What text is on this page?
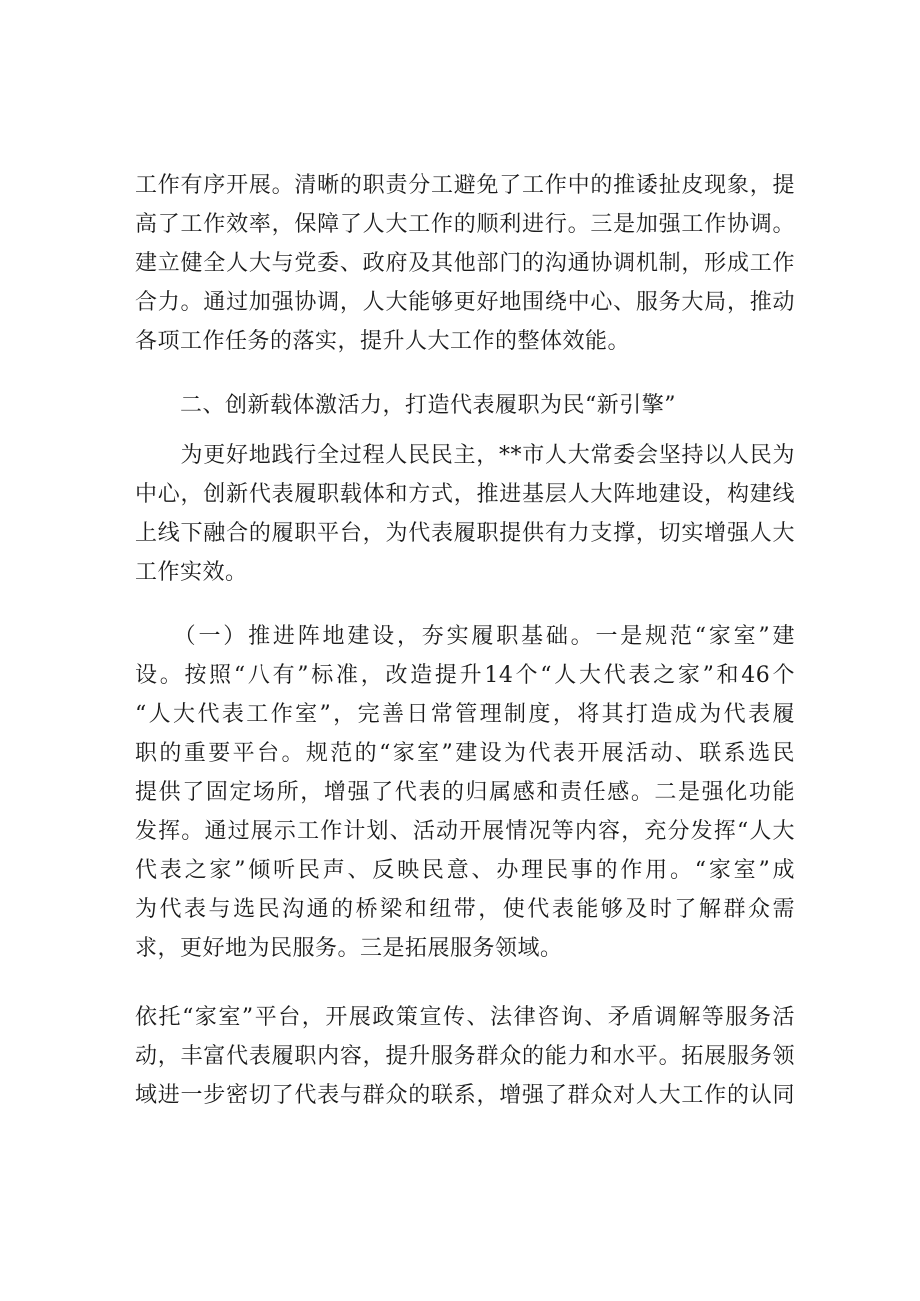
工作有序开展。清晰的职责分工避免了工作中的推诿扯皮现象，提
高了工作效率，保障了人大工作的顺利进行。三是加强工作协调。
建立健全人大与党委、政府及其他部门的沟通协调机制，形成工作
合力。通过加强协调，人大能够更好地围绕中心、服务大局，推动
各项工作任务的落实，提升人大工作的整体效能。
　　二、创新载体激活力，打造代表履职为民“新引擎”
　　为更好地践行全过程人民民主，**市人大常委会坚持以人民为
中心，创新代表履职载体和方式，推进基层人大阵地建设，构建线
上线下融合的履职平台，为代表履职提供有力支撑，切实增强人大
工作实效。
　　（一）推进阵地建设，夯实履职基础。一是规范“家室”建
设。按照“八有”标准，改造提升14个“人大代表之家”和46个
“人大代表工作室”，完善日常管理制度，将其打造成为代表履
职的重要平台。规范的“家室”建设为代表开展活动、联系选民
提供了固定场所，增强了代表的归属感和责任感。二是强化功能
发挥。通过展示工作计划、活动开展情况等内容，充分发挥“人大
代表之家”倾听民声、反映民意、办理民事的作用。“家室”成
为代表与选民沟通的桥梁和纽带，使代表能够及时了解群众需
求，更好地为民服务。三是拓展服务领域。
依托“家室”平台，开展政策宣传、法律咨询、矛盾调解等服务活
动，丰富代表履职内容，提升服务群众的能力和水平。拓展服务领
域进一步密切了代表与群众的联系，增强了群众对人大工作的认同
